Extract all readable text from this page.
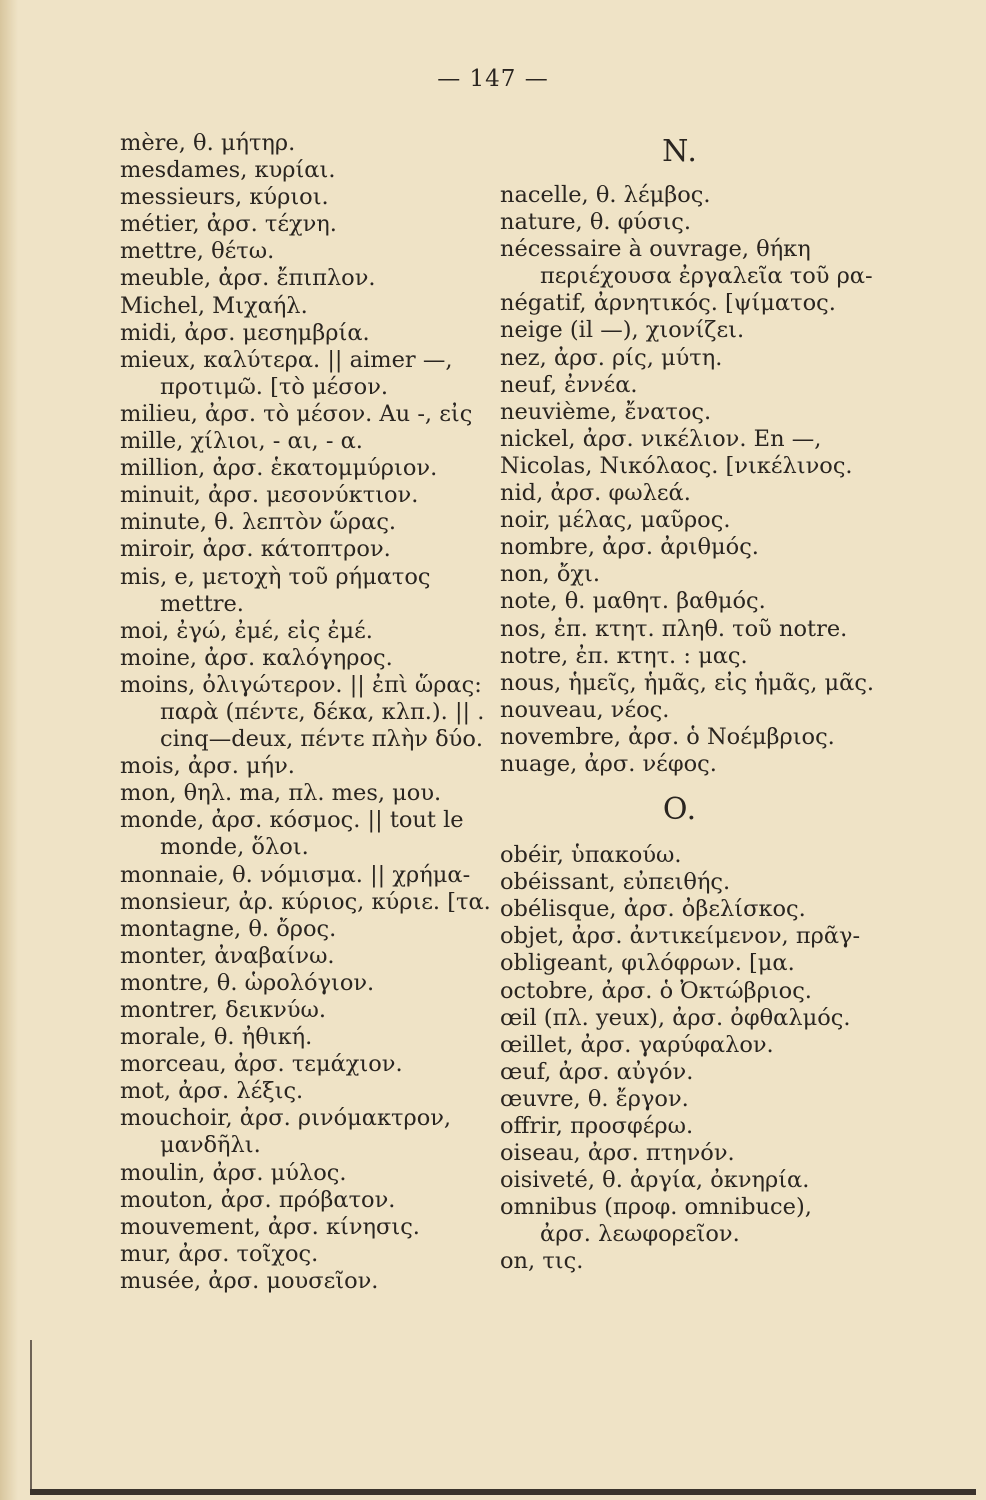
— 147 —
mère, θ. μήτηρ.
mesdames, κυρίαι.
messieurs, κύριοι.
métier, ἀρσ. τέχνη.
mettre, θέτω.
meuble, ἀρσ. ἔπιπλον.
Michel, Μιχαήλ.
midi, ἀρσ. μεσημβρία.
mieux, καλύτερα. || aimer —,
προτιμῶ. [τὸ μέσον.
milieu, ἀρσ. τὸ μέσον. Au -, εἰς
mille, χίλιοι, - αι, - α.
million, ἀρσ. ἑκατομμύριον.
minuit, ἀρσ. μεσονύκτιον.
minute, θ. λεπτὸν ὥρας.
miroir, ἀρσ. κάτοπτρον.
mis, e, μετοχὴ τοῦ ρήματος
mettre.
moi, ἐγώ, ἐμέ, εἰς ἐμέ.
moine, ἀρσ. καλόγηρος.
moins, ὀλιγώτερον. || ἐπὶ ὥρας:
παρὰ (πέντε, δέκα, κλπ.). || .
cinq—deux, πέντε πλὴν δύο.
mois, ἀρσ. μήν.
mon, θηλ. ma, πλ. mes, μου.
monde, ἀρσ. κόσμος. || tout le
monde, ὅλοι.
monnaie, θ. νόμισμα. || χρήμα-
monsieur, ἀρ. κύριος, κύριε. [τα.
montagne, θ. ὄρος.
monter, ἀναβαίνω.
montre, θ. ὡρολόγιον.
montrer, δεικνύω.
morale, θ. ἠθική.
morceau, ἀρσ. τεμάχιον.
mot, ἀρσ. λέξις.
mouchoir, ἀρσ. ρινόμακτρον,
μανδῆλι.
moulin, ἀρσ. μύλος.
mouton, ἀρσ. πρόβατον.
mouvement, ἀρσ. κίνησις.
mur, ἀρσ. τοῖχος.
musée, ἀρσ. μουσεῖον.
N.
nacelle, θ. λέμβος.
nature, θ. φύσις.
nécessaire à ouvrage, θήκη
περιέχουσα ἐργαλεῖα τοῦ ρα-
négatif, ἀρνητικός. [ψίματος.
neige (il —), χιονίζει.
nez, ἀρσ. ρίς, μύτη.
neuf, ἐννέα.
neuvième, ἔνατος.
nickel, ἀρσ. νικέλιον. En —,
Nicolas, Νικόλαος. [νικέλινος.
nid, ἀρσ. φωλεά.
noir, μέλας, μαῦρος.
nombre, ἀρσ. ἀριθμός.
non, ὄχι.
note, θ. μαθητ. βαθμός.
nos, ἐπ. κτητ. πληθ. τοῦ notre.
notre, ἐπ. κτητ. : μας.
nous, ἡμεῖς, ἡμᾶς, εἰς ἡμᾶς, μᾶς.
nouveau, νέος.
novembre, ἀρσ. ὁ Νοέμβριος.
nuage, ἀρσ. νέφος.
O.
obéir, ὑπακούω.
obéissant, εὐπειθής.
obélisque, ἀρσ. ὀβελίσκος.
objet, ἀρσ. ἀντικείμενον, πρᾶγ-
obligeant, φιλόφρων. [μα.
octobre, ἀρσ. ὁ Ὀκτώβριος.
œil (πλ. yeux), ἀρσ. ὀφθαλμός.
œillet, ἀρσ. γαρύφαλον.
œuf, ἀρσ. αὐγόν.
œuvre, θ. ἔργον.
offrir, προσφέρω.
oiseau, ἀρσ. πτηνόν.
oisiveté, θ. ἀργία, ὀκνηρία.
omnibus (προφ. omnibuce),
ἀρσ. λεωφορεῖον.
on, τις.
